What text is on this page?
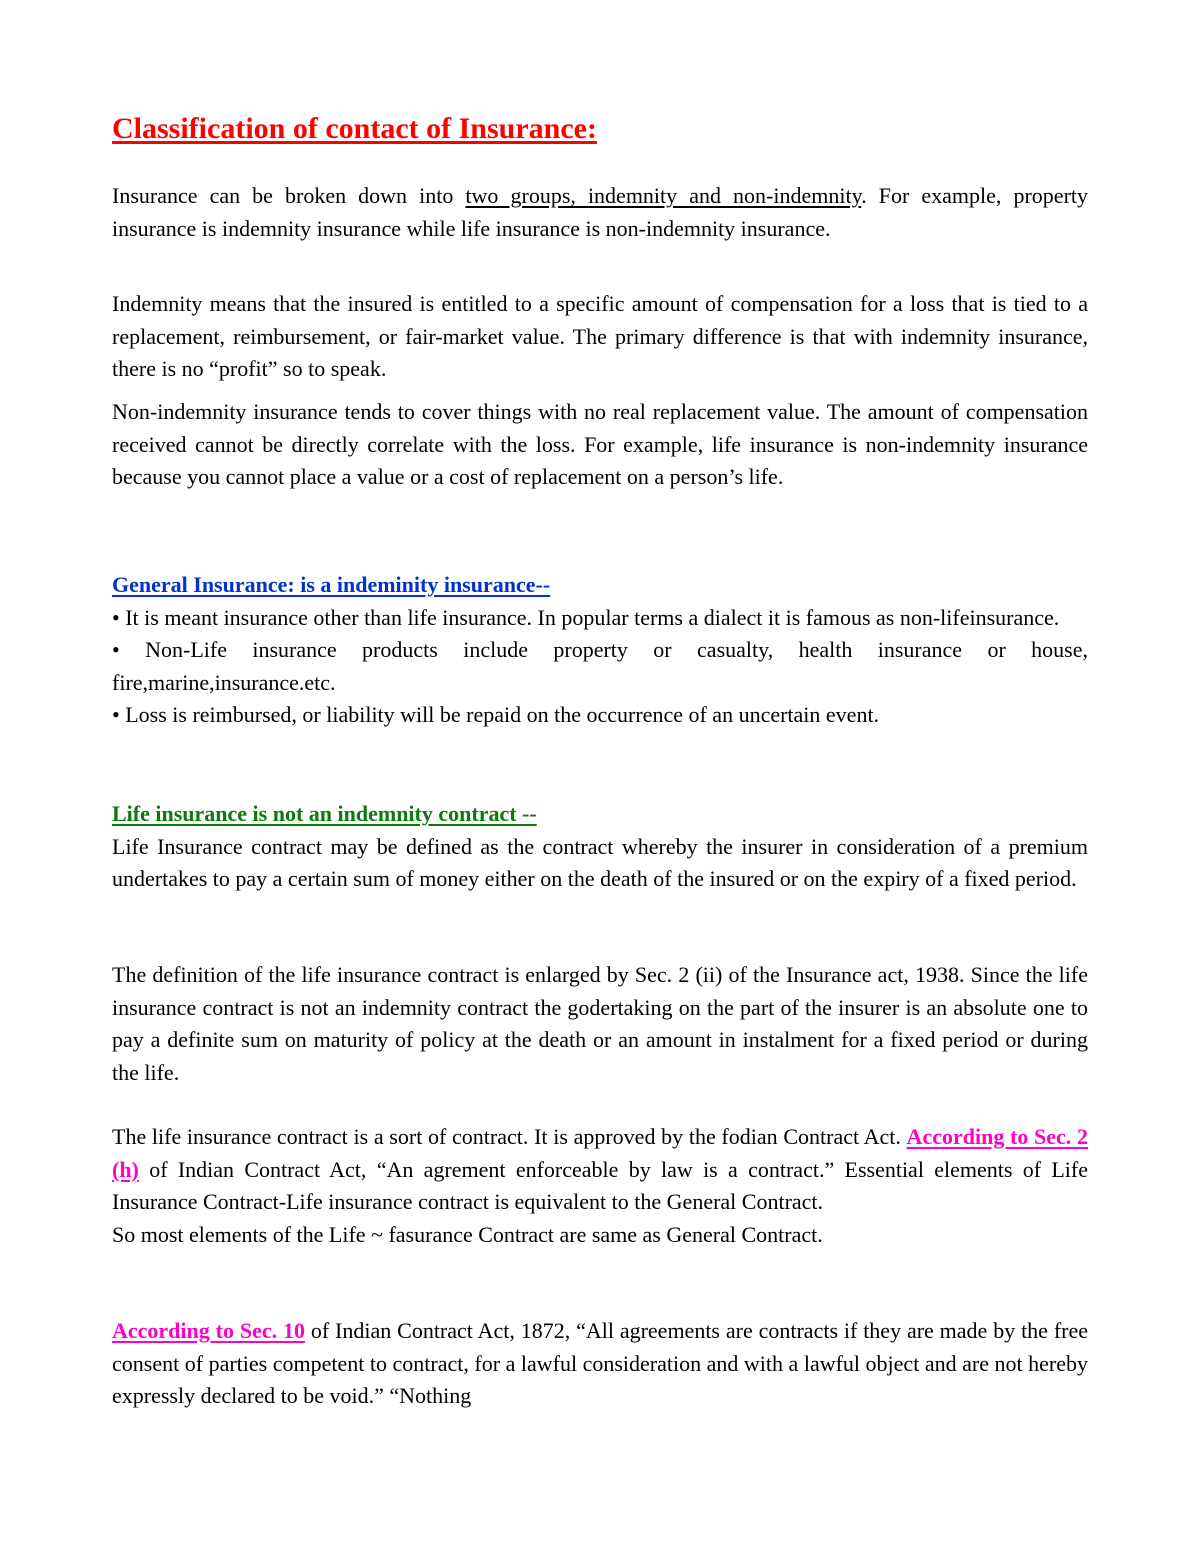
Classification of contact of Insurance:

Insurance can be broken down into two groups, indemnity and non-indemnity. For example, property insurance is indemnity insurance while life insurance is non-indemnity insurance.

Indemnity means that the insured is entitled to a specific amount of compensation for a loss that is tied to a replacement, reimbursement, or fair-market value. The primary difference is that with indemnity insurance, there is no “profit” so to speak.

Non-indemnity insurance tends to cover things with no real replacement value. The amount of compensation received cannot be directly correlate with the loss. For example, life insurance is non-indemnity insurance because you cannot place a value or a cost of replacement on a person’s life.

General Insurance: is a indeminity insurance--

• It is meant insurance other than life insurance. In popular terms a dialect it is famous as non-lifeinsurance.

• Non-Life insurance products include property or casualty, health insurance or house, fire,marine,insurance.etc.

• Loss is reimbursed, or liability will be repaid on the occurrence of an uncertain event.

Life insurance is not an indemnity contract --

Life Insurance contract may be defined as the contract whereby the insurer in consideration of a premium undertakes to pay a certain sum of money either on the death of the insured or on the expiry of a fixed period.

The definition of the life insurance contract is enlarged by Sec. 2 (ii) of the Insurance act, 1938. Since the life insurance contract is not an indemnity contract the godertaking on the part of the insurer is an absolute one to pay a definite sum on maturity of policy at the death or an amount in instalment for a fixed period or during the life.

The life insurance contract is a sort of contract. It is approved by the fodian Contract Act. According to Sec. 2 (h) of Indian Contract Act, “An agrement enforceable by law is a contract.” Essential elements of Life Insurance Contract-Life insurance contract is equivalent to the General Contract.

So most elements of the Life ~ fasurance Contract are same as General Contract.

According to Sec. 10 of Indian Contract Act, 1872, “All agreements are contracts if they are made by the free consent of parties competent to contract, for a lawful consideration and with a lawful object and are not hereby expressly declared to be void.” “Nothing
